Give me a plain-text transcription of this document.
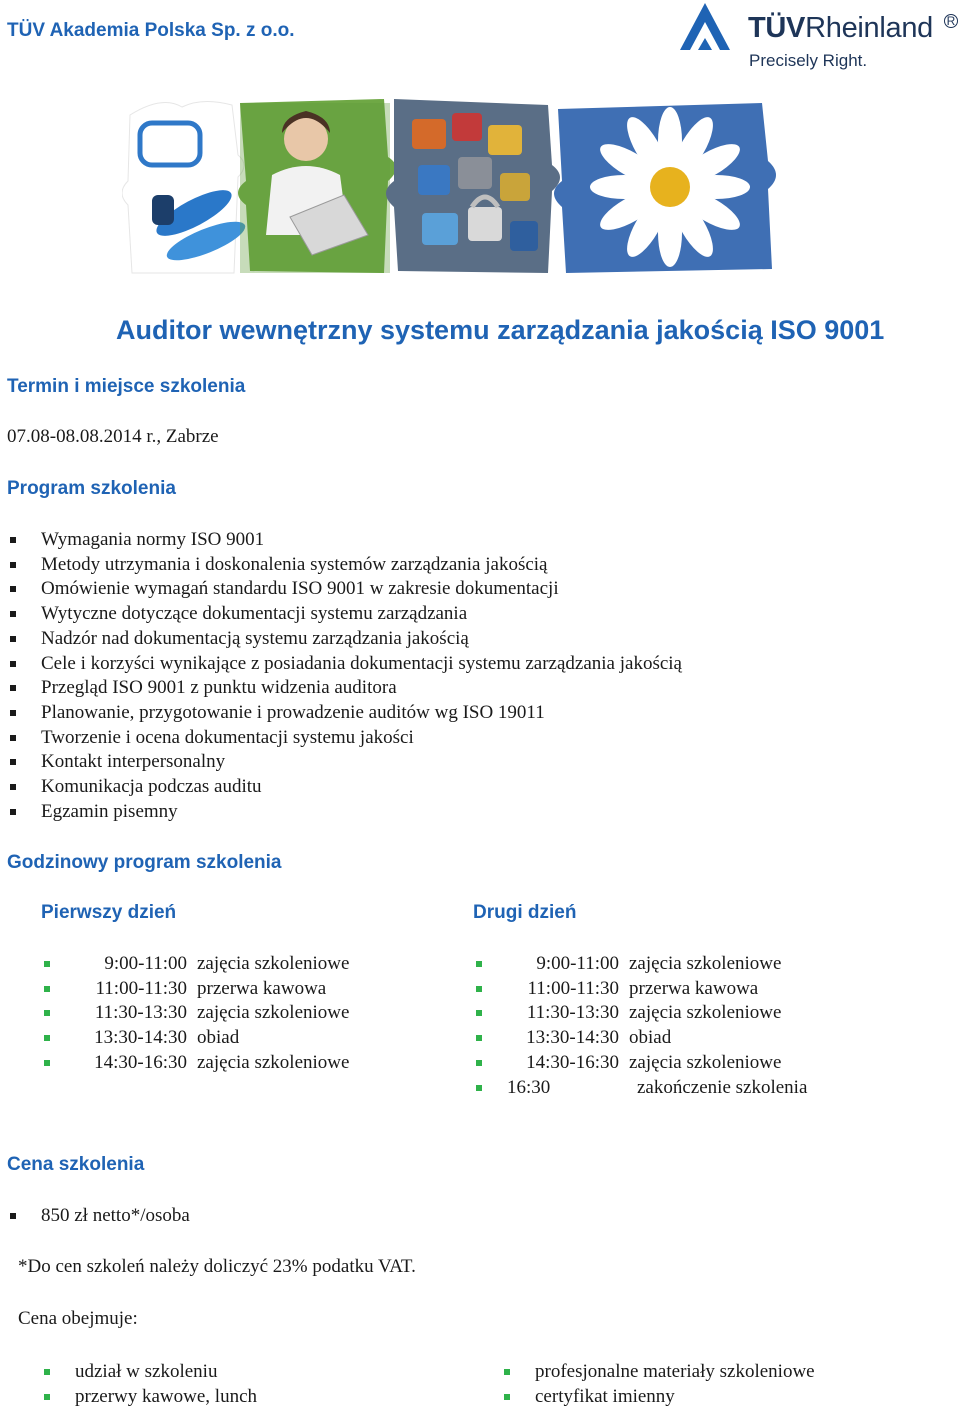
TÜV Akademia Polska Sp. z o.o.	TÜVRheinland R
Precisely Right.
Auditor wewnętrzny systemu zarządzania jakością ISO 9001
Termin i miejsce szkolenia
07.08-08.08.2014 r., Zabrze
Program szkolenia
Wymagania normy ISO 9001
Metody utrzymania i doskonalenia systemów zarządzania jakością
Omówienie wymagań standardu ISO 9001 w zakresie dokumentacji
Wytyczne dotyczące dokumentacji systemu zarządzania
Nadzór nad dokumentacją systemu zarządzania jakością
Cele i korzyści wynikające z posiadania dokumentacji systemu zarządzania jakością
Przegląd ISO 9001 z punktu widzenia auditora
Planowanie, przygotowanie i prowadzenie auditów wg ISO 19011
Tworzenie i ocena dokumentacji systemu jakości
Kontakt interpersonalny
Komunikacja podczas auditu
Egzamin pisemny
Godzinowy program szkolenia
Pierwszy dzień
9:00-11:00 zajęcia szkoleniowe
11:00-11:30 przerwa kawowa
11:30-13:30 zajęcia szkoleniowe
13:30-14:30 obiad
14:30-16:30 zajęcia szkoleniowe
Drugi dzień
9:00-11:00 zajęcia szkoleniowe
11:00-11:30 przerwa kawowa
11:30-13:30 zajęcia szkoleniowe
13:30-14:30 obiad
14:30-16:30 zajęcia szkoleniowe
16:30	zakończenie szkolenia
Cena szkolenia
850 zł netto*/osoba
*Do cen szkoleń należy doliczyć 23% podatku VAT.
Cena obejmuje:
udział w szkoleniu
przerwy kawowe, lunch
profesjonalne materiały szkoleniowe
certyfikat imienny
